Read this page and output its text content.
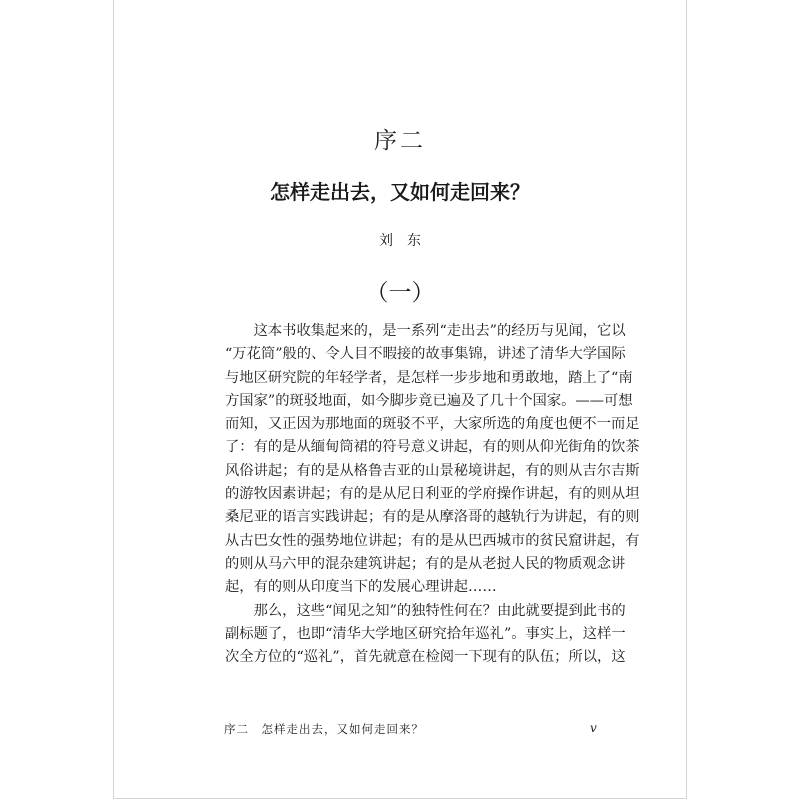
序二
怎样走出去，又如何走回来？
刘东
（一）
　　这本书收集起来的，是一系列“走出去”的经历与见闻，它以
“万花筒”般的、令人目不暇接的故事集锦，讲述了清华大学国际
与地区研究院的年轻学者，是怎样一步步地和勇敢地，踏上了“南
方国家”的斑驳地面，如今脚步竟已遍及了几十个国家。——可想
而知，又正因为那地面的斑驳不平，大家所选的角度也便不一而足
了：有的是从缅甸筒裙的符号意义讲起，有的则从仰光街角的饮茶
风俗讲起；有的是从格鲁吉亚的山景秘境讲起，有的则从吉尔吉斯
的游牧因素讲起；有的是从尼日利亚的学府操作讲起，有的则从坦
桑尼亚的语言实践讲起；有的是从摩洛哥的越轨行为讲起，有的则
从古巴女性的强势地位讲起；有的是从巴西城市的贫民窟讲起，有
的则从马六甲的混杂建筑讲起；有的是从老挝人民的物质观念讲
起，有的则从印度当下的发展心理讲起……
　　那么，这些“闻见之知”的独特性何在？由此就要提到此书的
副标题了，也即“清华大学地区研究拾年巡礼”。事实上，这样一
次全方位的“巡礼”，首先就意在检阅一下现有的队伍；所以，这
序二　怎样走出去，又如何走回来？	v
